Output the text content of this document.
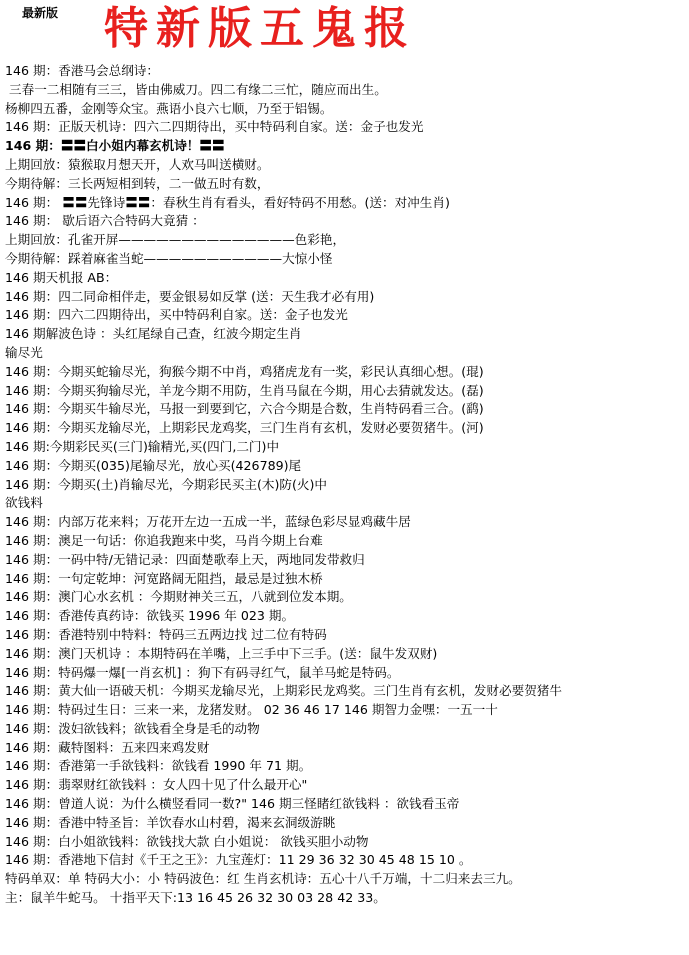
最新版 特新版五鬼报
146 期：香港马会总纲诗：
三春一二相随有三三，皆由佛威刀。四二有缘二三忙，随应而出生。
杨柳四五番，金刚等众宝。燕语小良六七顺，乃至于铝锡。
146 期：正版天机诗：四六二四期待出，买中特码利自家。送：金子也发光
146 期：〓〓白小姐内幕玄机诗！〓〓
上期回放：猿猴取月想天开，人欢马叫送横财。
今期待解：三长两短相到转，二一做五时有数，
146 期： 〓〓先锋诗〓〓：春秋生肖有看头，看好特码不用愁。(送：对冲生肖)
146 期： 歇后语六合特码大竟猜 ：
上期回放：孔雀开屏——————————————色彩艳，
今期待解：踩着麻雀当蛇———————————大惊小怪
146 期天机报 AB：
146 期：四二同命相伴走，要金银易如反掌 (送：天生我才必有用)
146 期：四六二四期待出，买中特码利自家。送：金子也发光
146 期解波色诗 ：头红尾绿自己查，红波今期定生肖
输尽光
146 期：今期买蛇输尽光，狗猴今期不中肖，鸡猪虎龙有一奖，彩民认真细心想。(琨)
146 期：今期买狗输尽光，羊龙今期不用防，生肖马鼠在今期，用心去猜就发达。(磊)
146 期：今期买牛输尽光，马报一到要到它，六合今期是合数，生肖特码看三合。(鹞)
146 期：今期买龙输尽光，上期彩民龙鸡奖，三门生肖有玄机，发财必要贺猪牛。(河)
146 期:今期彩民买(三门)输精光,买(四门,二门)中
146 期：今期买(035)尾输尽光，放心买(426789)尾
146 期：今期买(土)肖输尽光，今期彩民买主(木)防(火)中
欲钱料
146 期：内部万花来料；万花开左边一五成一半，蓝绿色彩尽显鸡藏牛居
146 期：澳足一句话：你追我跑来中奖，马肖今期上台难
146 期：一码中特/无错记录：四面楚歌奉上天，两地同发带救归
146 期：一句定乾坤：河宽路阔无阻挡，最忌是过独木桥
146 期：澳门心水玄机 ：今期财神关三五，八就到位发本期。
146 期：香港传真药诗：欲钱买 1996 年 023 期。
146 期：香港特别中特料：特码三五两边找 过二位有特码
146 期：澳门天机诗 ：本期特码在羊嘴，上三手中下三手。(送：鼠牛发双财)
146 期：特码爆一爆[一肖玄机] ：狗下有码寻红气，鼠羊马蛇是特码。
146 期：黄大仙一语破天机：今期买龙输尽光，上期彩民龙鸡奖。三门生肖有玄机，发财必要贺猪牛
146 期：特码过生日：三来一来，龙猪发财。 02 36 46 17 146 期智力金嘿：一五一十
146 期：泼妇欲钱料；欲钱看全身是毛的动物
146 期：藏特图料：五来四来鸡发财
146 期：香港第一手欲钱料：欲钱看 1990 年 71 期。
146 期：翡翠财红欲钱料 ：女人四十见了什么最开心"
146 期：曾道人说：为什么横竖看同一数?" 146 期三怪睹红欲钱料 ：欲钱看玉帝
146 期：香港中特圣旨：羊饮春水山村碧，渴来玄洞级游眺
146 期：白小姐欲钱料：欲钱找大款 白小姐说： 欲钱买胆小动物
146 期：香港地下信封《千王之王》：九宝莲灯：11 29 36 32 30 45 48 15 10 。
特码单双：单 特码大小：小 特码波色：红 生肖玄机诗：五心十八千万端，十二归来去三九。
主：鼠羊牛蛇马。 十指平天下:13 16 45 26 32 30 03 28 42 33。
